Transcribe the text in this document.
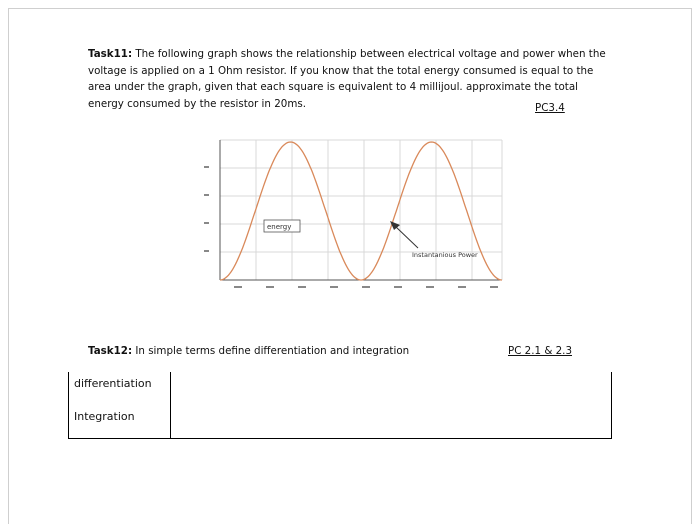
Task11: The following graph shows the relationship between electrical voltage and power when the voltage is applied on a 1 Ohm resistor. If you know that the total energy consumed is equal to the area under the graph, given that each square is equivalent to 4 millijoul. approximate the total energy consumed by the resistor in 20ms.	PC3.4
energy
Instantanious Power
Task12: In simple terms define differentiation and integration	PC 2.1 & 2.3
differentiation
Integration
